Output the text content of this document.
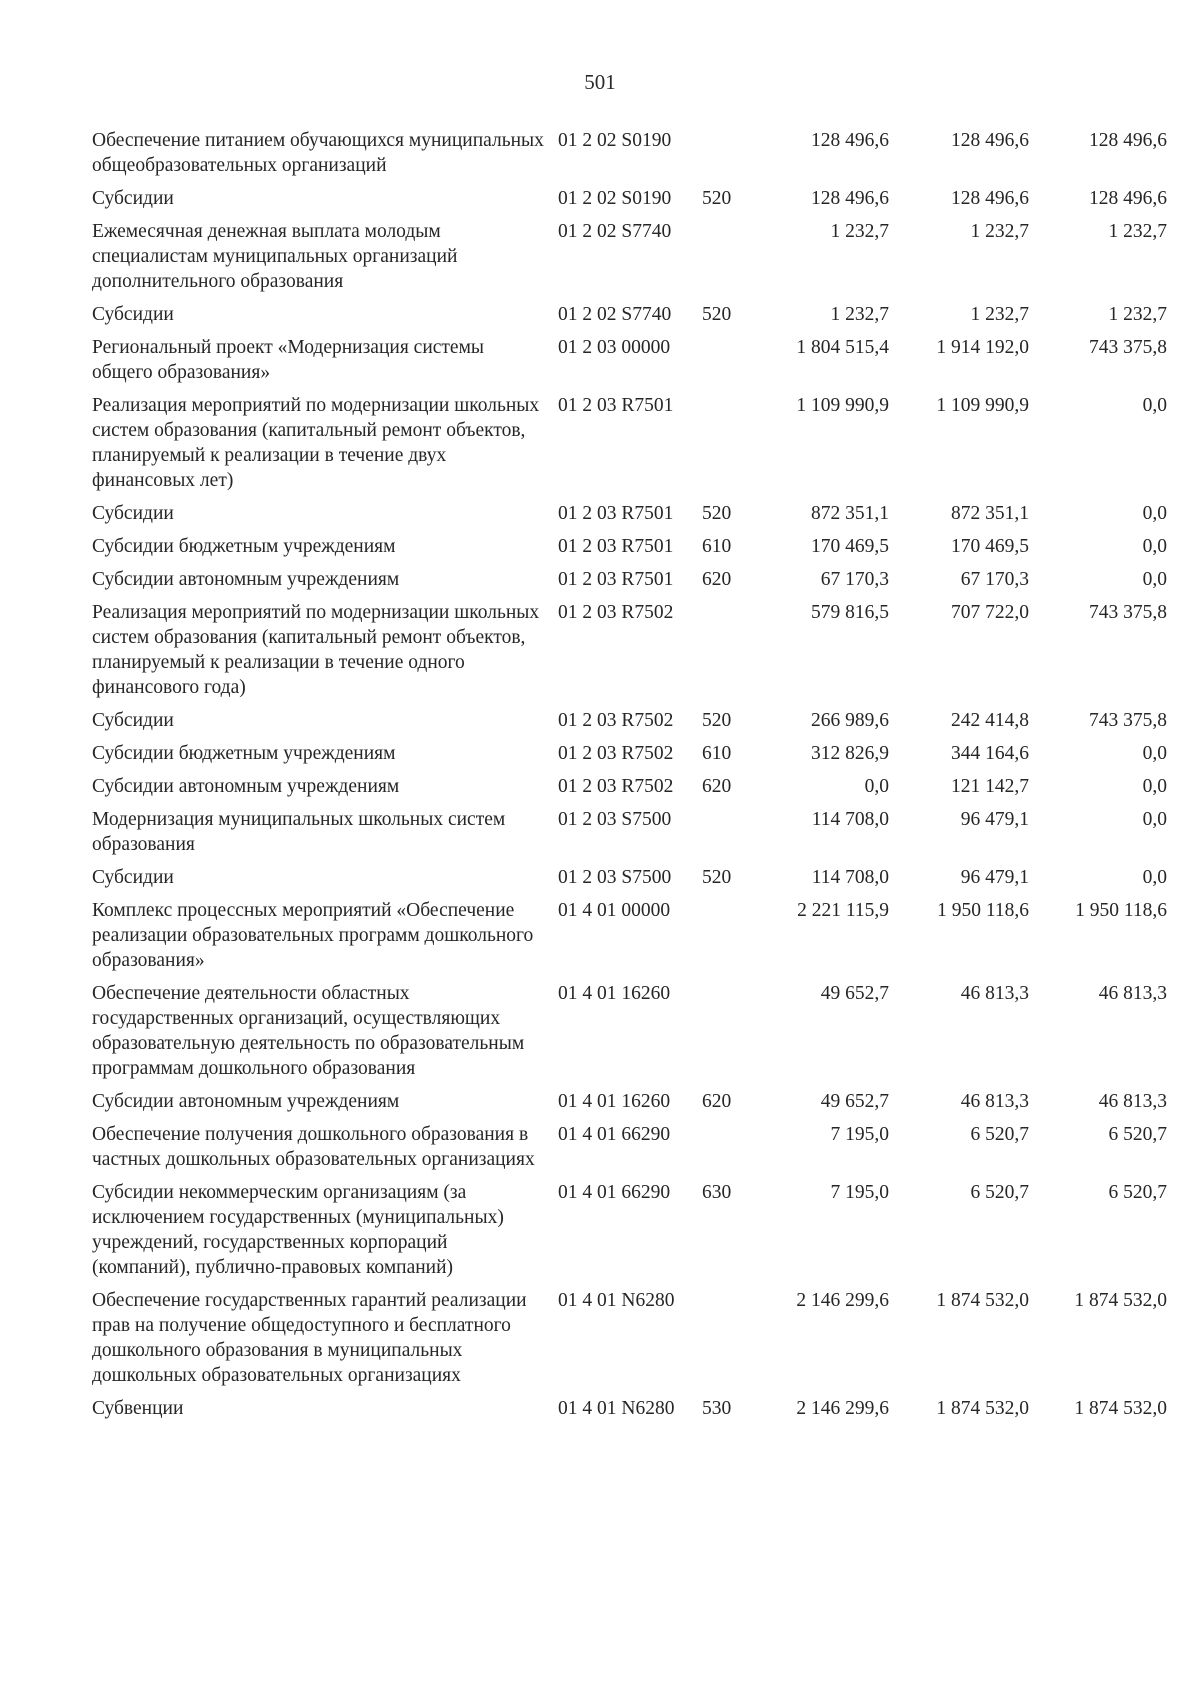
501
Обеспечение питанием обучающихся муниципальных общеобразовательных организаций	01 2 02 S0190		128 496,6	128 496,6	128 496,6
Субсидии	01 2 02 S0190	520	128 496,6	128 496,6	128 496,6
Ежемесячная денежная выплата молодым специалистам муниципальных организаций дополнительного образования	01 2 02 S7740		1 232,7	1 232,7	1 232,7
Субсидии	01 2 02 S7740	520	1 232,7	1 232,7	1 232,7
Региональный проект «Модернизация системы общего образования»	01 2 03 00000		1 804 515,4	1 914 192,0	743 375,8
Реализация мероприятий по модернизации школьных систем образования (капитальный ремонт объектов, планируемый к реализации в течение двух финансовых лет)	01 2 03 R7501		1 109 990,9	1 109 990,9	0,0
Субсидии	01 2 03 R7501	520	872 351,1	872 351,1	0,0
Субсидии бюджетным учреждениям	01 2 03 R7501	610	170 469,5	170 469,5	0,0
Субсидии автономным учреждениям	01 2 03 R7501	620	67 170,3	67 170,3	0,0
Реализация мероприятий по модернизации школьных систем образования (капитальный ремонт объектов, планируемый к реализации в течение одного финансового года)	01 2 03 R7502		579 816,5	707 722,0	743 375,8
Субсидии	01 2 03 R7502	520	266 989,6	242 414,8	743 375,8
Субсидии бюджетным учреждениям	01 2 03 R7502	610	312 826,9	344 164,6	0,0
Субсидии автономным учреждениям	01 2 03 R7502	620	0,0	121 142,7	0,0
Модернизация муниципальных школьных систем образования	01 2 03 S7500		114 708,0	96 479,1	0,0
Субсидии	01 2 03 S7500	520	114 708,0	96 479,1	0,0
Комплекс процессных мероприятий «Обеспечение реализации образовательных программ дошкольного образования»	01 4 01 00000		2 221 115,9	1 950 118,6	1 950 118,6
Обеспечение деятельности областных государственных организаций, осуществляющих образовательную деятельность по образовательным программам дошкольного образования	01 4 01 16260		49 652,7	46 813,3	46 813,3
Субсидии автономным учреждениям	01 4 01 16260	620	49 652,7	46 813,3	46 813,3
Обеспечение получения дошкольного образования в частных дошкольных образовательных организациях	01 4 01 66290		7 195,0	6 520,7	6 520,7
Субсидии некоммерческим организациям (за исключением государственных (муниципальных) учреждений, государственных корпораций (компаний), публично-правовых компаний)	01 4 01 66290	630	7 195,0	6 520,7	6 520,7
Обеспечение государственных гарантий реализации прав на получение общедоступного и бесплатного дошкольного образования в муниципальных дошкольных образовательных организациях	01 4 01 N6280		2 146 299,6	1 874 532,0	1 874 532,0
Субвенции	01 4 01 N6280	530	2 146 299,6	1 874 532,0	1 874 532,0
